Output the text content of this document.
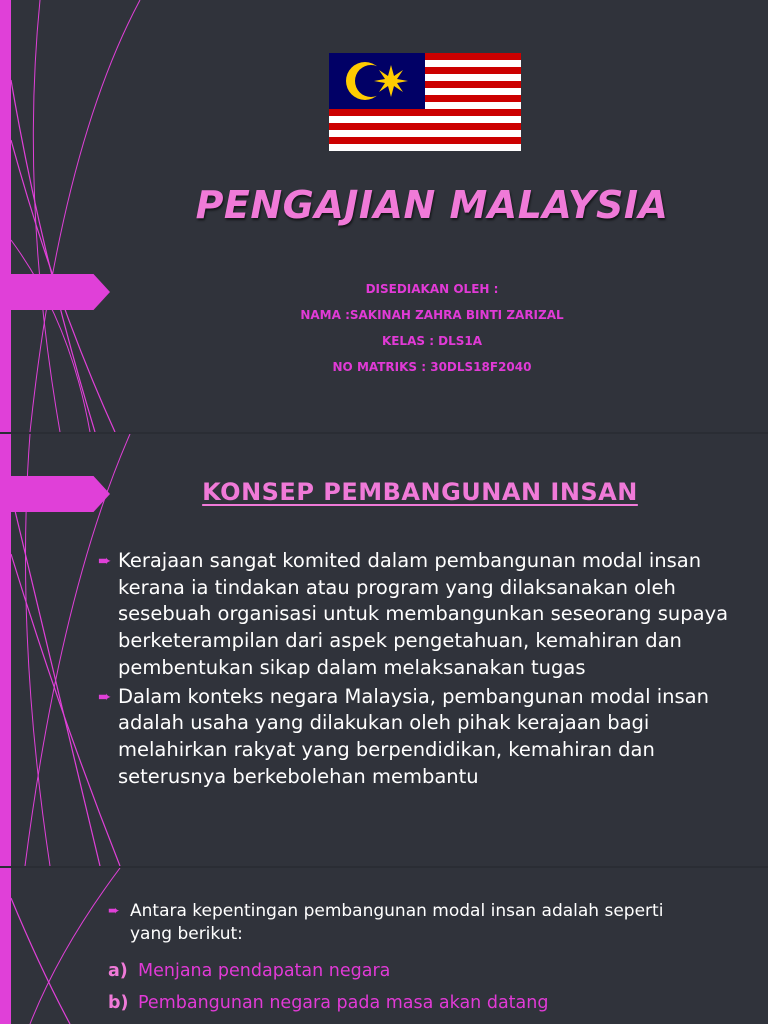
PENGAJIAN MALAYSIA
DISEDIAKAN OLEH :
NAMA :SAKINAH ZAHRA BINTI ZARIZAL
KELAS : DLS1A
NO MATRIKS : 30DLS18F2040
KONSEP PEMBANGUNAN INSAN
➨ Kerajaan sangat komited dalam pembangunan modal insan kerana ia tindakan atau program yang dilaksanakan oleh sesebuah organisasi untuk membangunkan seseorang supaya berketerampilan dari aspek pengetahuan, kemahiran dan pembentukan sikap dalam melaksanakan tugas
➨ Dalam konteks negara Malaysia, pembangunan modal insan adalah usaha yang dilakukan oleh pihak kerajaan bagi melahirkan rakyat yang berpendidikan, kemahiran dan seterusnya berkebolehan membantu
➨ Antara kepentingan pembangunan modal insan adalah seperti yang berikut:
a) Menjana pendapatan negara
b) Pembangunan negara pada masa akan datang
